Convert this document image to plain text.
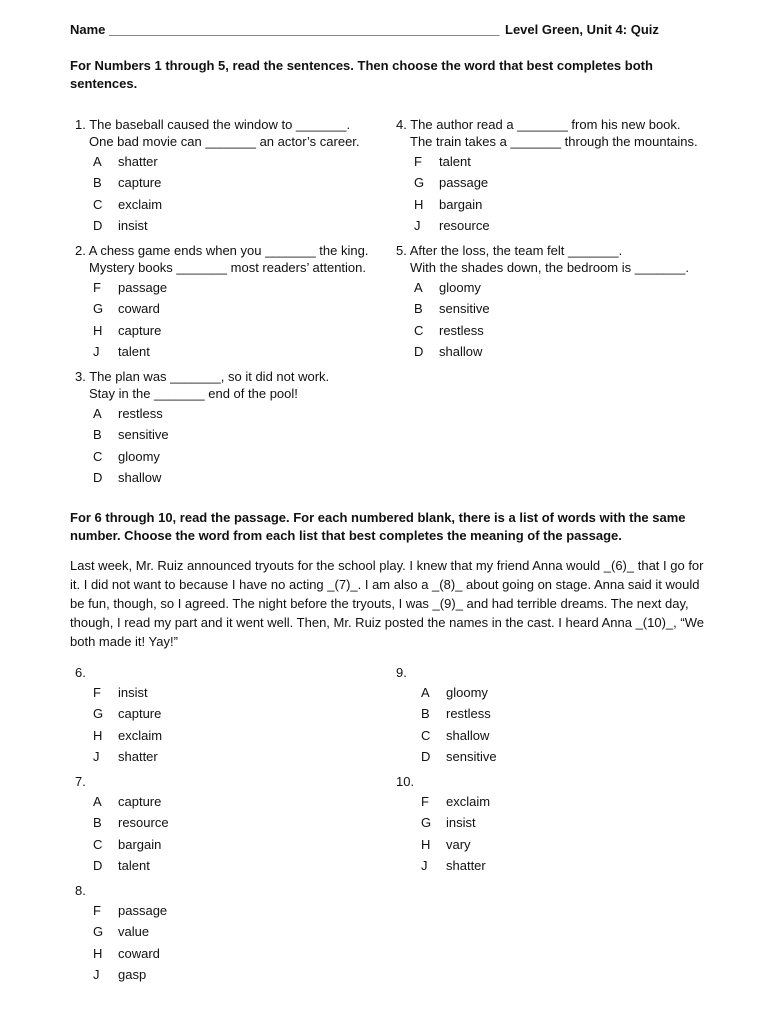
Name ______________________________________________________ Level Green, Unit 4: Quiz
For Numbers 1 through 5, read the sentences. Then choose the word that best completes both sentences.
1. The baseball caused the window to _______.
One bad movie can _______ an actor’s career.
A shatter
B capture
C exclaim
D insist
2. A chess game ends when you _______ the king.
Mystery books _______ most readers’ attention.
F passage
G coward
H capture
J talent
3. The plan was _______, so it did not work.
Stay in the _______ end of the pool!
A restless
B sensitive
C gloomy
D shallow
4. The author read a _______ from his new book.
The train takes a _______ through the mountains.
F talent
G passage
H bargain
J resource
5. After the loss, the team felt _______.
With the shades down, the bedroom is _______.
A gloomy
B sensitive
C restless
D shallow
For 6 through 10, read the passage. For each numbered blank, there is a list of words with the same number. Choose the word from each list that best completes the meaning of the passage.
Last week, Mr. Ruiz announced tryouts for the school play. I knew that my friend Anna would _(6)_ that I go for it. I did not want to because I have no acting _(7)_. I am also a _(8)_ about going on stage. Anna said it would be fun, though, so I agreed. The night before the tryouts, I was _(9)_ and had terrible dreams. The next day, though, I read my part and it went well. Then, Mr. Ruiz posted the names in the cast. I heard Anna _(10)_, “We both made it! Yay!”
6.
F insist
G capture
H exclaim
J shatter
7.
A capture
B resource
C bargain
D talent
8.
F passage
G value
H coward
J gasp
9.
A gloomy
B restless
C shallow
D sensitive
10.
F exclaim
G insist
H vary
J shatter
